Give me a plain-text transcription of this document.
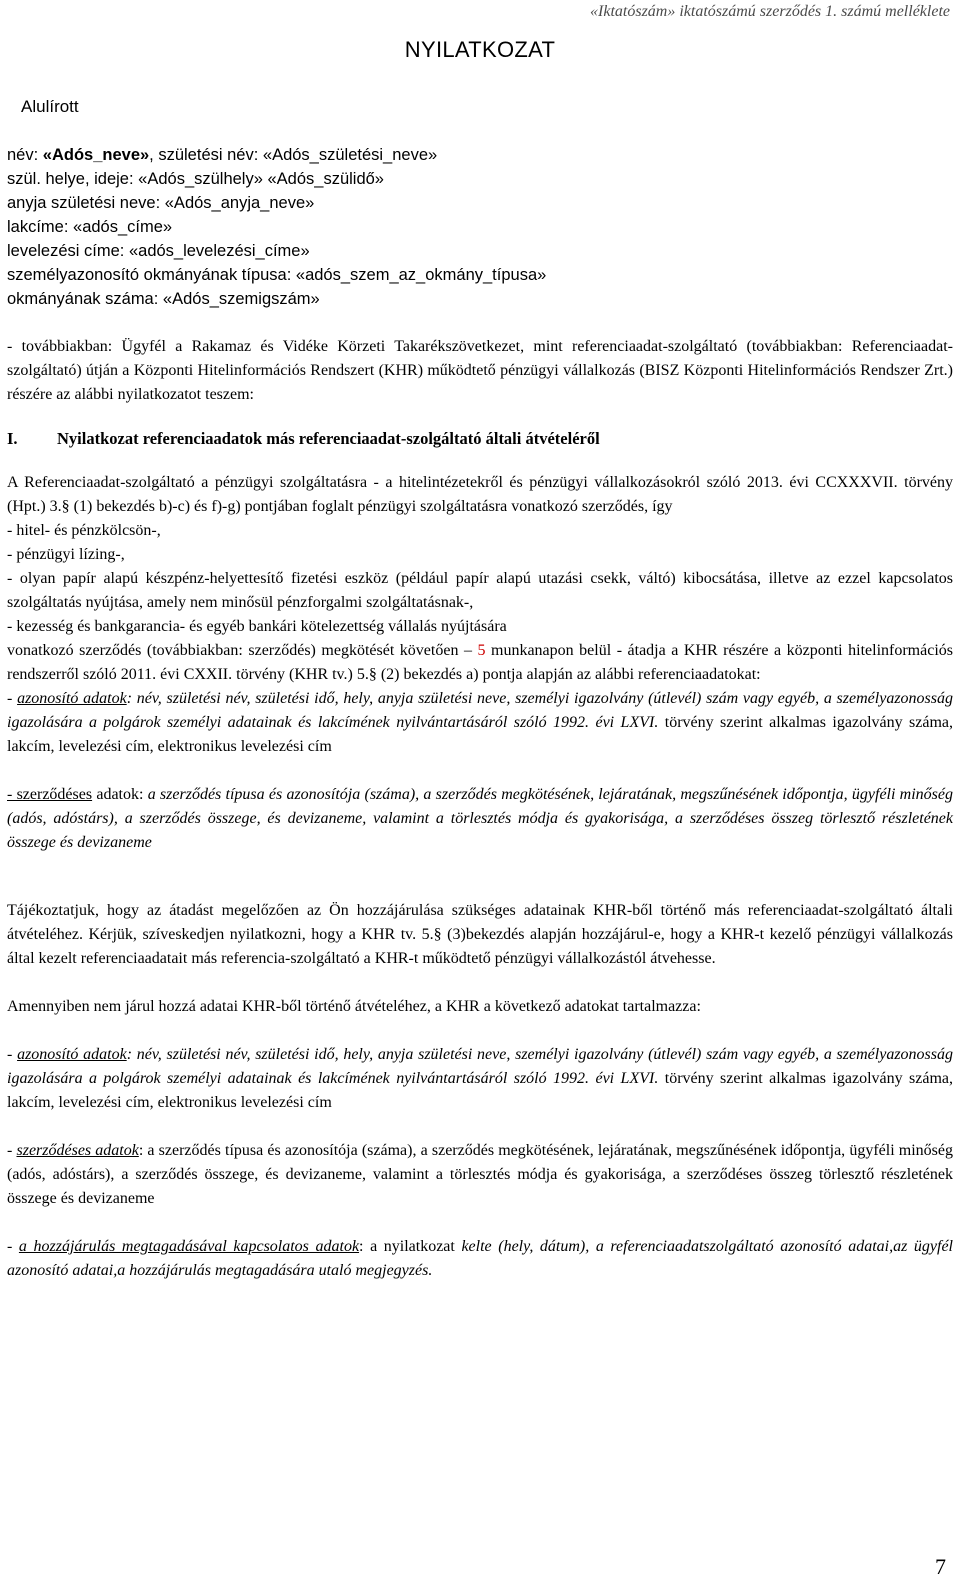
«Iktatószám» iktatószámú szerződés 1. számú melléklete
NYILATKOZAT
Alulírott
név: «Adós_neve», születési név: «Adós_születési_neve»
szül. helye, ideje: «Adós_szülhely» «Adós_szülidő»
anyja születési neve: «Adós_anyja_neve»
lakcíme: «adós_címe»
levelezési címe: «adós_levelezési_címe»
személyazonosító okmányának típusa: «adós_szem_az_okmány_típusa»
okmányának száma: «Adós_szemigszám»

- továbbiakban: Ügyfél a Rakamaz és Vidéke Körzeti Takarékszövetkezet, mint referenciaadat-szolgáltató (továbbiakban: Referenciaadat-szolgáltató) útján a Központi Hitelinformációs Rendszert (KHR) működtető pénzügyi vállalkozás (BISZ Központi Hitelinformációs Rendszer Zrt.) részére az alábbi nyilatkozatot teszem:

I. Nyilatkozat referenciaadatok más referenciaadat-szolgáltató általi átvételéről

A Referenciaadat-szolgáltató a pénzügyi szolgáltatásra - a hitelintézetekről és pénzügyi vállalkozásokról szóló 2013. évi CCXXXVII. törvény (Hpt.) 3.§ (1) bekezdés b)-c) és f)-g) pontjában foglalt pénzügyi szolgáltatásra vonatkozó szerződés, így

- hitel- és pénzkölcsön-,

- pénzügyi lízing-,

- olyan papír alapú készpénz-helyettesítő fizetési eszköz (például papír alapú utazási csekk, váltó) kibocsátása, illetve az ezzel kapcsolatos szolgáltatás nyújtása, amely nem minősül pénzforgalmi szolgáltatásnak-,

- kezesség és bankgarancia- és egyéb bankári kötelezettség vállalás nyújtására

vonatkozó szerződés (továbbiakban: szerződés) megkötését követően – 5 munkanapon belül - átadja a KHR részére a központi hitelinformációs rendszerről szóló 2011. évi CXXII. törvény (KHR tv.) 5.§ (2) bekezdés a) pontja alapján az alábbi referenciaadatokat:

- azonosító adatok: név, születési név, születési idő, hely, anyja születési neve, személyi igazolvány (útlevél) szám vagy egyéb, a személyazonosság igazolására a polgárok személyi adatainak és lakcímének nyilvántartásáról szóló 1992. évi LXVI. törvény szerint alkalmas igazolvány száma, lakcím, levelezési cím, elektronikus levelezési cím

- szerződéses adatok: a szerződés típusa és azonosítója (száma), a szerződés megkötésének, lejáratának, megszűnésének időpontja, ügyféli minőség (adós, adóstárs), a szerződés összege, és devizaneme, valamint a törlesztés módja és gyakorisága, a szerződéses összeg törlesztő részletének összege és devizaneme

Tájékoztatjuk, hogy az átadást megelőzően az Ön hozzájárulása szükséges adatainak KHR-ből történő más referenciaadat-szolgáltató általi átvételéhez. Kérjük, szíveskedjen nyilatkozni, hogy a KHR tv. 5.§ (3)bekezdés alapján hozzájárul-e, hogy a KHR-t kezelő pénzügyi vállalkozás által kezelt referenciaadatait más referencia-szolgáltató a KHR-t működtető pénzügyi vállalkozástól átvehesse.

Amennyiben nem járul hozzá adatai KHR-ből történő átvételéhez, a KHR a következő adatokat tartalmazza:

- azonosító adatok: név, születési név, születési idő, hely, anyja születési neve, személyi igazolvány (útlevél) szám vagy egyéb, a személyazonosság igazolására a polgárok személyi adatainak és lakcímének nyilvántartásáról szóló 1992. évi LXVI. törvény szerint alkalmas igazolvány száma, lakcím, levelezési cím, elektronikus levelezési cím

- szerződéses adatok: a szerződés típusa és azonosítója (száma), a szerződés megkötésének, lejáratának, megszűnésének időpontja, ügyféli minőség (adós, adóstárs), a szerződés összege, és devizaneme, valamint a törlesztés módja és gyakorisága, a szerződéses összeg törlesztő részletének összege és devizaneme

- a hozzájárulás megtagadásával kapcsolatos adatok: a nyilatkozat kelte (hely, dátum), a referenciaadatszolgáltató azonosító adatai,az ügyfél azonosító adatai,a hozzájárulás megtagadására utaló megjegyzés.

7
